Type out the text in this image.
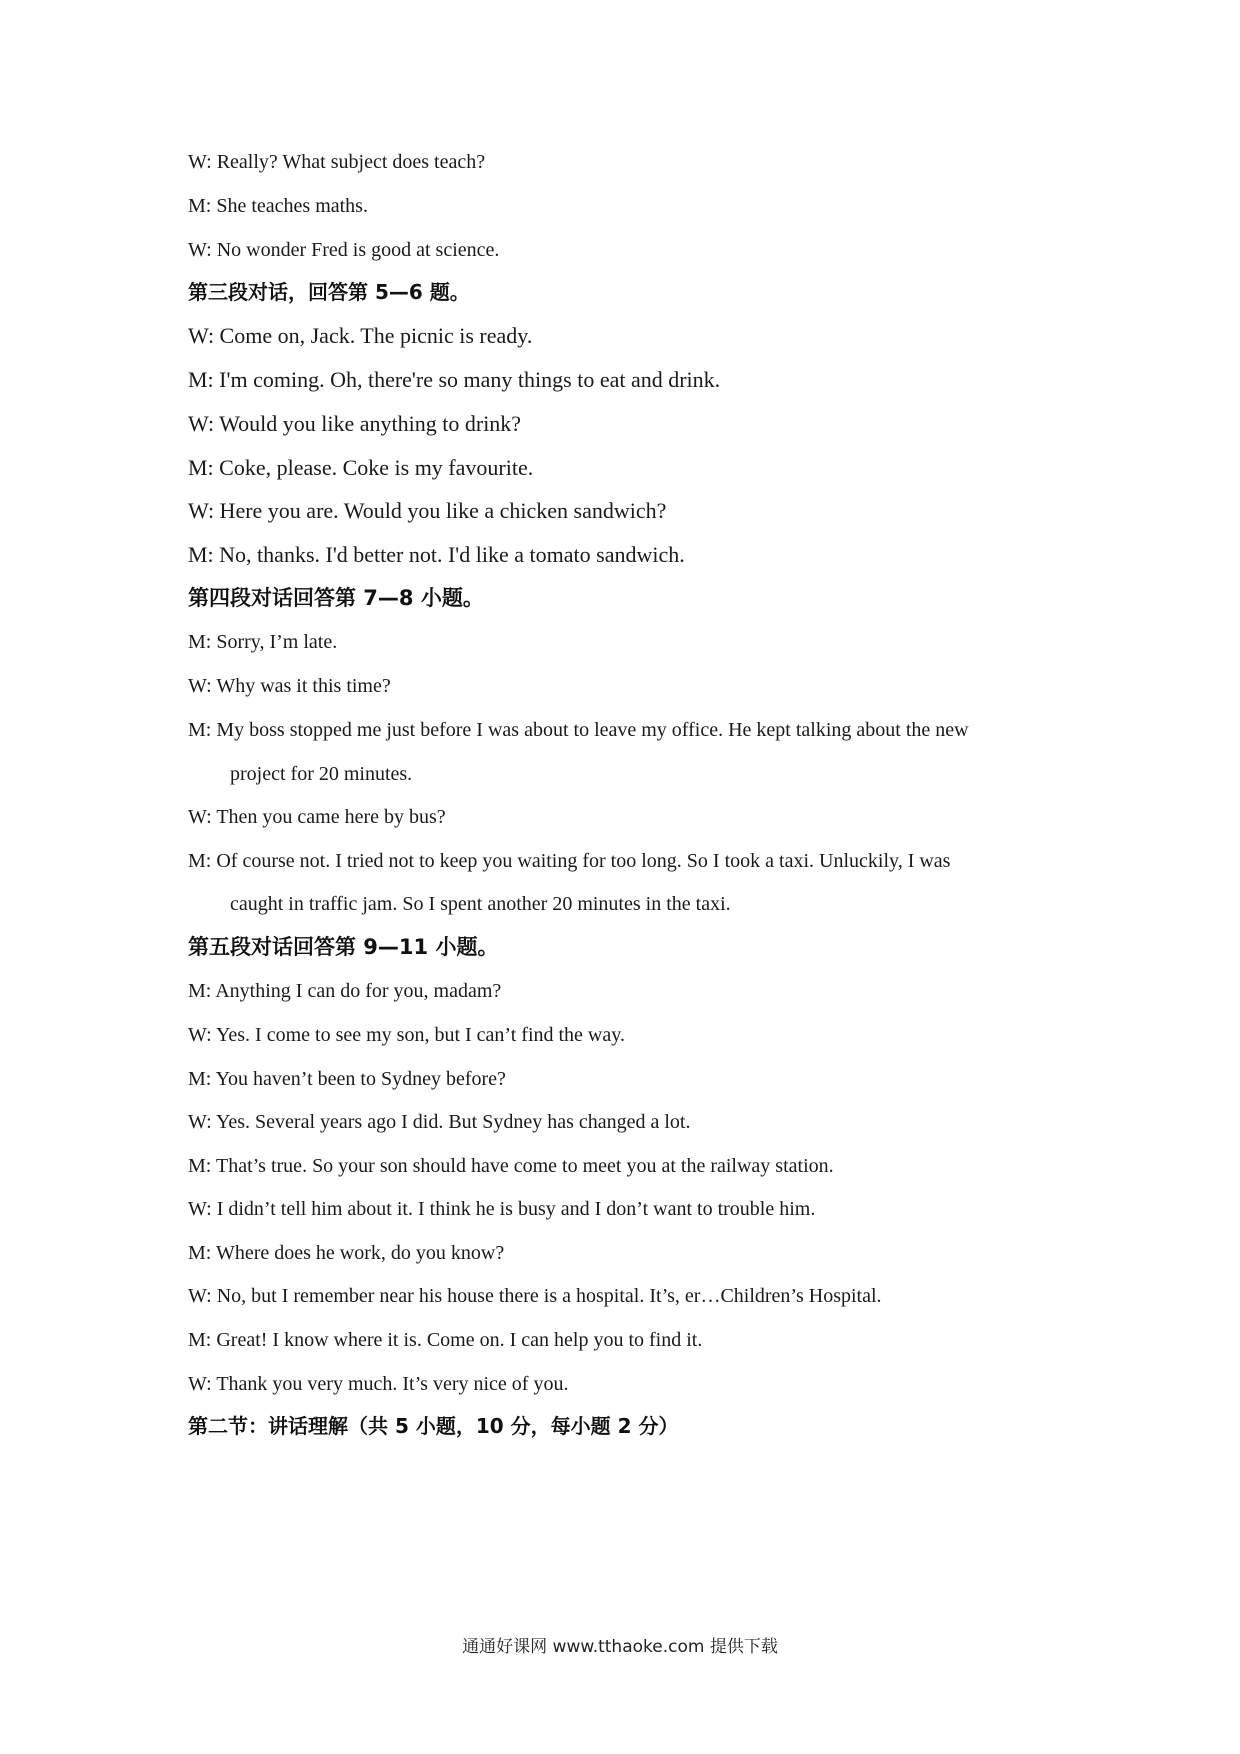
W: Really? What subject does teach?
M: She teaches maths.
W: No wonder Fred is good at science.
第三段对话，回答第 5—6 题。
W: Come on, Jack. The picnic is ready.
M: I'm coming. Oh, there're so many things to eat and drink.
W: Would you like anything to drink?
M: Coke, please. Coke is my favourite.
W: Here you are. Would you like a chicken sandwich?
M: No, thanks. I'd better not. I'd like a tomato sandwich.
第四段对话回答第 7—8 小题。
M: Sorry, I’m late.
W: Why was it this time?
M: My boss stopped me just before I was about to leave my office. He kept talking about the new
project for 20 minutes.
W: Then you came here by bus?
M: Of course not. I tried not to keep you waiting for too long. So I took a taxi. Unluckily, I was
caught in traffic jam. So I spent another 20 minutes in the taxi.
第五段对话回答第 9—11 小题。
M: Anything I can do for you, madam?
W: Yes. I come to see my son, but I can’t find the way.
M: You haven’t been to Sydney before?
W: Yes. Several years ago I did. But Sydney has changed a lot.
M: That’s true. So your son should have come to meet you at the railway station.
W: I didn’t tell him about it. I think he is busy and I don’t want to trouble him.
M: Where does he work, do you know?
W: No, but I remember near his house there is a hospital. It’s, er…Children’s Hospital.
M: Great! I know where it is. Come on. I can help you to find it.
W: Thank you very much. It’s very nice of you.
第二节：讲话理解（共 5 小题，10 分，每小题 2 分）
通通好课网 www.tthaoke.com 提供下载
